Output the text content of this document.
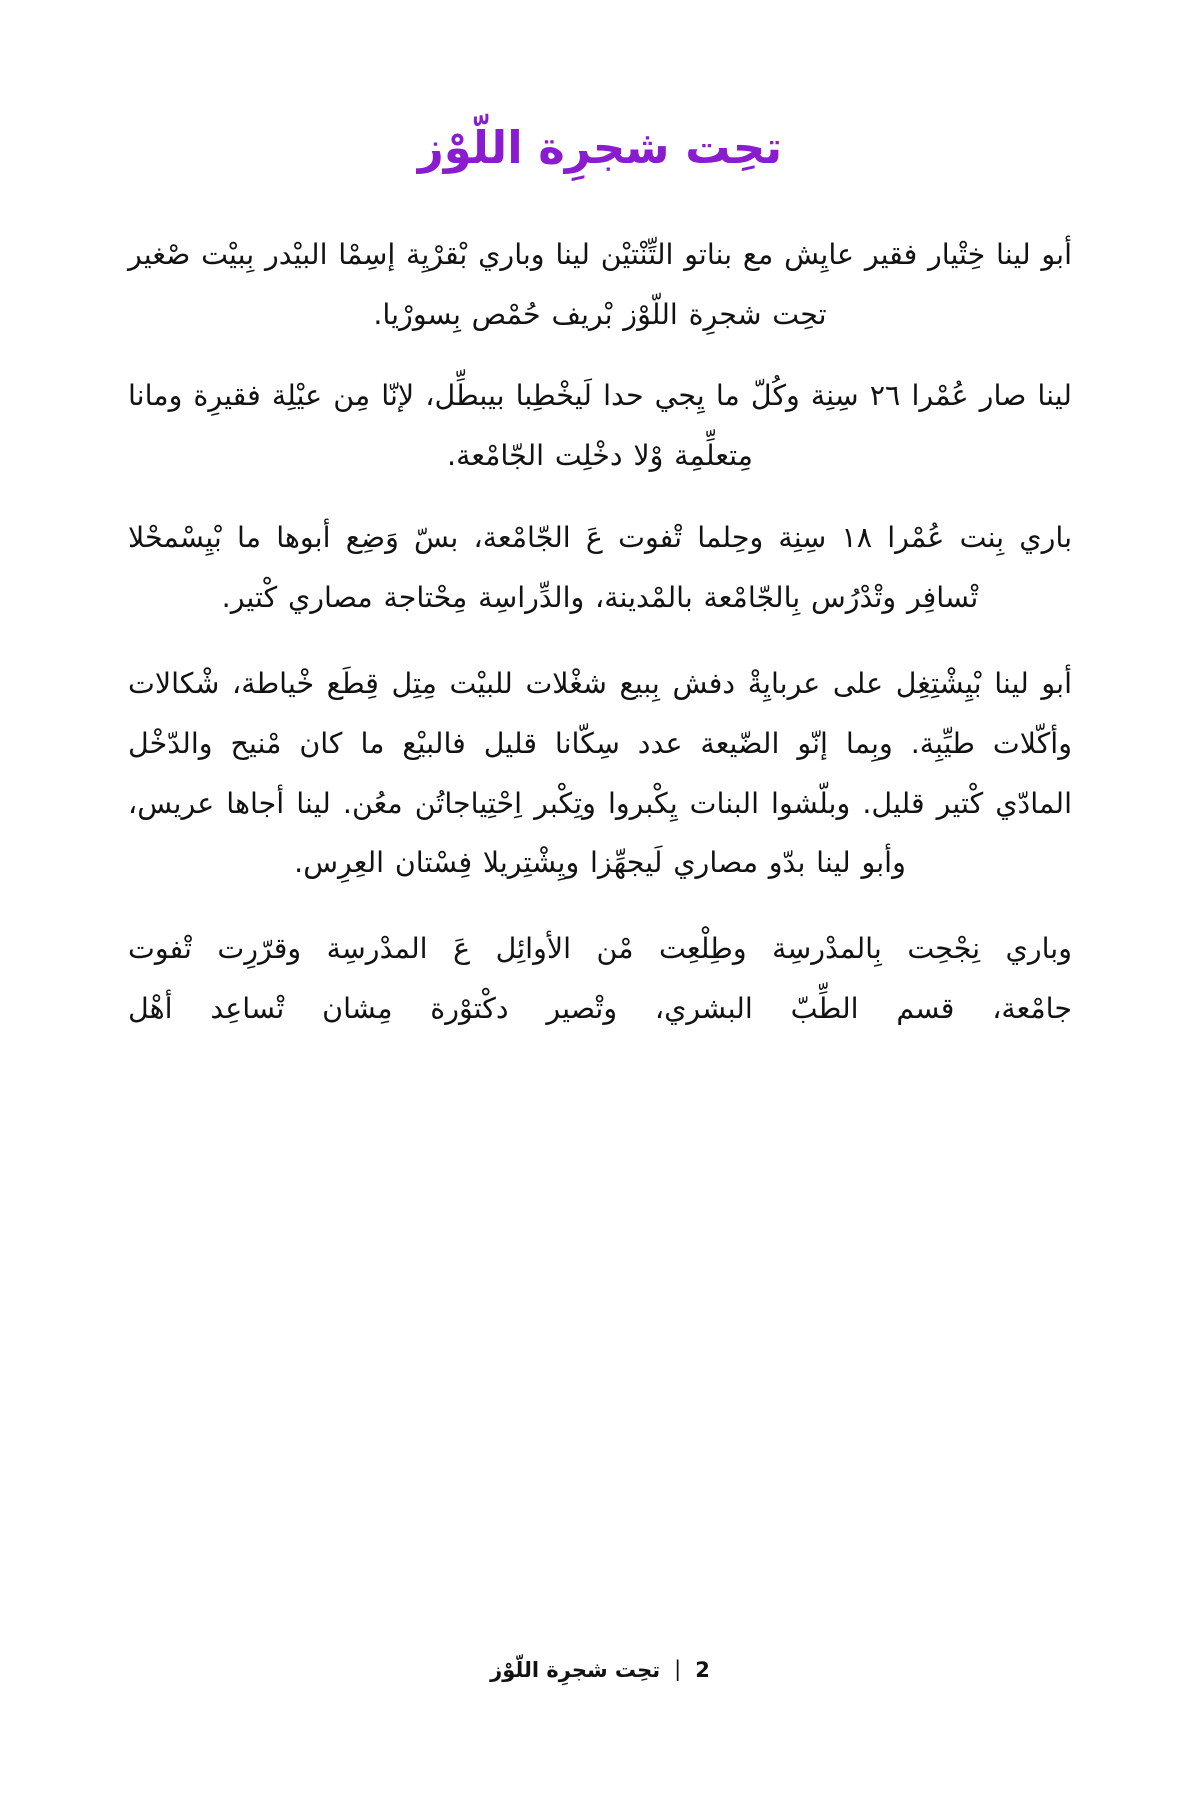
تحِت شجرِة اللّوْز

أبو لينا خِتْيار فقير عايِش مع بناتو التِّنْتيْن لينا وباري بْقرْيِة إسِمْا البيْدر بِبيْت صْغير تحِت شجرِة اللّوْز بْريف حُمْص بِسورْيا.

لينا صار عُمْرا ٢٦ سِنِة وكُلّ ما يِجي حدا لَيخْطِبا بيبطِّل، لإنّا مِن عيْلِة فقيرِة ومانا مِتعلِّمِة وْلا دخْلِت الجّامْعة.

باري بِنت عُمْرا ١٨ سِنِة وحِلما تْفوت عَ الجّامْعة، بسّ وَضِع أبوها ما بْيِسْمحْلا تْسافِر وتْدْرُس بِالجّامْعة بالمْدينة، والدِّراسِة مِحْتاجة مصاري كْتير.

أبو لينا بْيِشْتِغِل على عربايِةْ دفش بِبيع شغْلات للبيْت مِتِل قِطَع خْياطة، شْكالات وأكّلات طيِّبِة. وبِما إنّو الضّيعة عدد سِكّانا قليل فالبيْع ما كان مْنيح والدّخْل المادّي كْتير قليل. وبلّشوا البنات يِكْبروا وتِكْبر اِحْتِياجاتُن معُن. لينا أجاها عريس، وأبو لينا بدّو مصاري لَيجهِّزا ويِشْتِريلا فِسْتان العِرِس.

وباري نِجْحِت بِالمدْرسِة وطِلْعِت مْن الأوائِل عَ المدْرسِة وقرّرِت تْفوت جامْعة، قسم الطِّبّ البشري، وتْصير دكْتوْرة مِشان تْساعِد أهْل

2
|
تحِت شجرِة اللّوْز
